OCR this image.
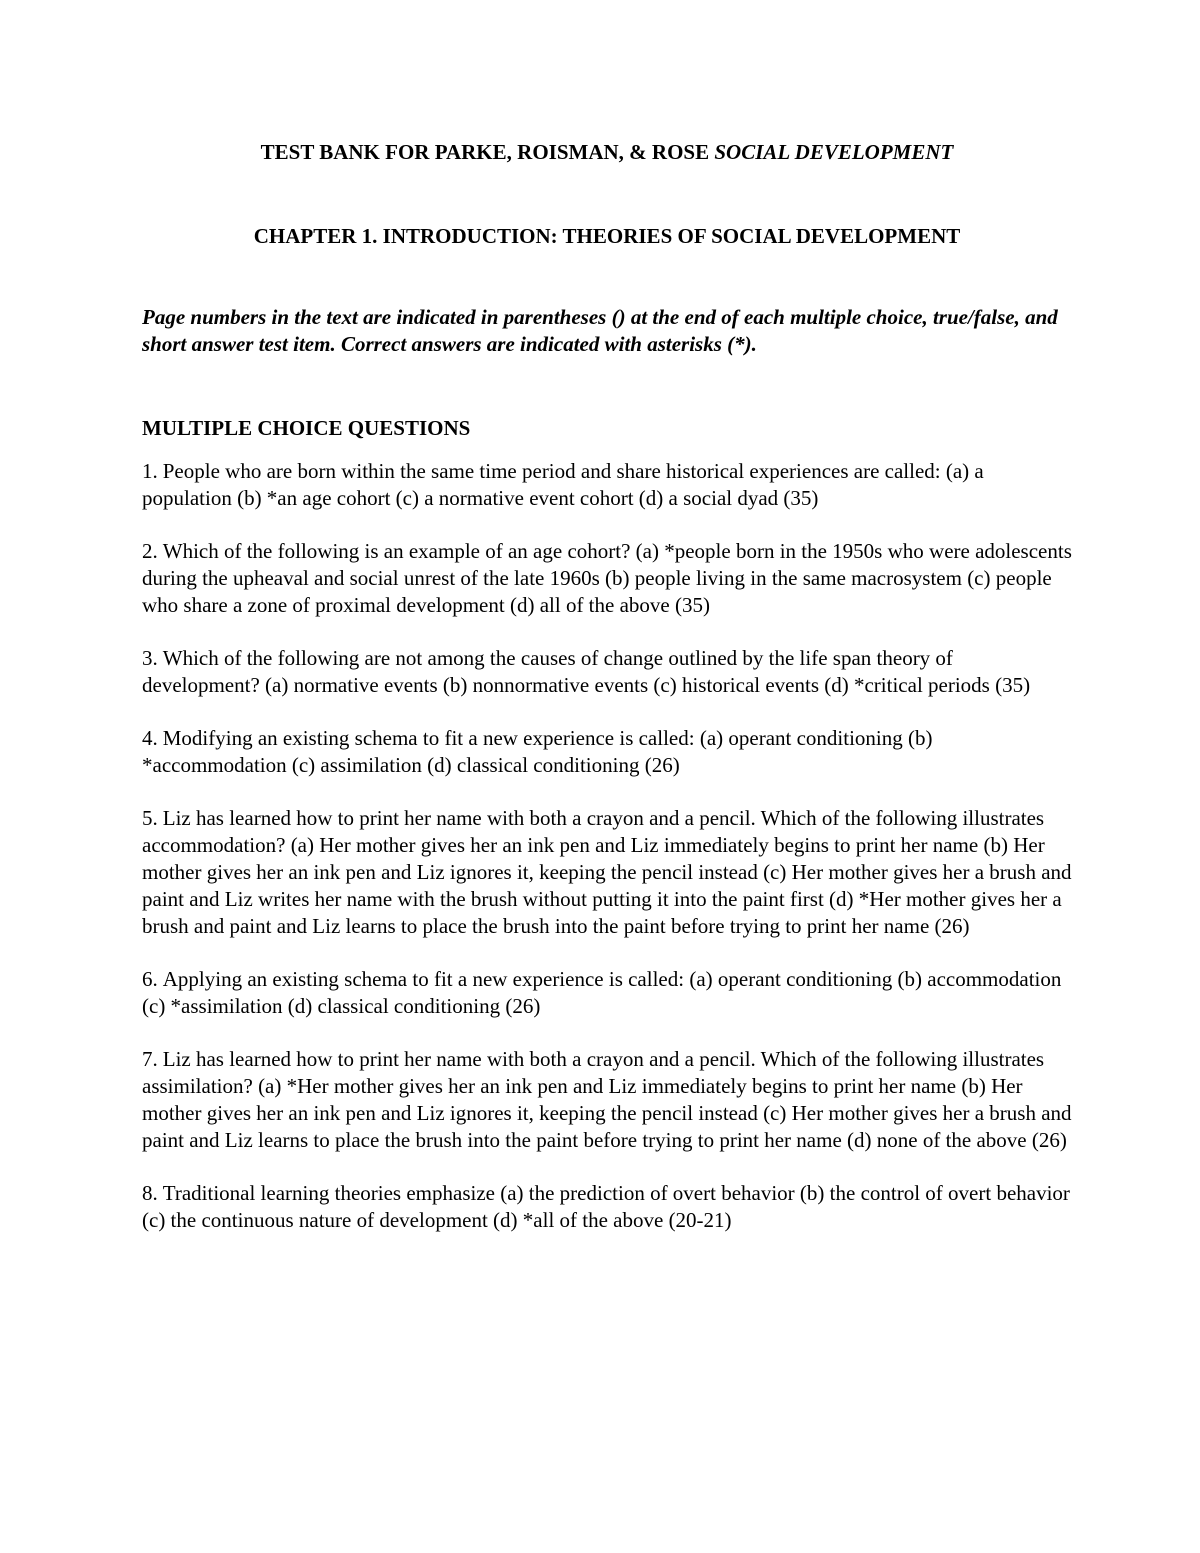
TEST BANK FOR PARKE, ROISMAN, & ROSE SOCIAL DEVELOPMENT
CHAPTER 1. INTRODUCTION: THEORIES OF SOCIAL DEVELOPMENT

Page numbers in the text are indicated in parentheses () at the end of each multiple choice, true/false, and short answer test item. Correct answers are indicated with asterisks (*).

MULTIPLE CHOICE QUESTIONS
1. People who are born within the same time period and share historical experiences are called: (a) a population (b) *an age cohort (c) a normative event cohort (d) a social dyad (35)
2. Which of the following is an example of an age cohort? (a) *people born in the 1950s who were adolescents during the upheaval and social unrest of the late 1960s (b) people living in the same macrosystem (c) people who share a zone of proximal development (d) all of the above (35)
3. Which of the following are not among the causes of change outlined by the life span theory of development? (a) normative events (b) nonnormative events (c) historical events (d) *critical periods (35)
4. Modifying an existing schema to fit a new experience is called: (a) operant conditioning (b) *accommodation (c) assimilation (d) classical conditioning (26)
5. Liz has learned how to print her name with both a crayon and a pencil. Which of the following illustrates accommodation? (a) Her mother gives her an ink pen and Liz immediately begins to print her name (b) Her mother gives her an ink pen and Liz ignores it, keeping the pencil instead (c) Her mother gives her a brush and paint and Liz writes her name with the brush without putting it into the paint first (d) *Her mother gives her a brush and paint and Liz learns to place the brush into the paint before trying to print her name (26)
6. Applying an existing schema to fit a new experience is called: (a) operant conditioning (b) accommodation (c) *assimilation (d) classical conditioning (26)
7. Liz has learned how to print her name with both a crayon and a pencil. Which of the following illustrates assimilation? (a) *Her mother gives her an ink pen and Liz immediately begins to print her name (b) Her mother gives her an ink pen and Liz ignores it, keeping the pencil instead (c) Her mother gives her a brush and paint and Liz learns to place the brush into the paint before trying to print her name (d) none of the above (26)
8. Traditional learning theories emphasize (a) the prediction of overt behavior (b) the control of overt behavior (c) the continuous nature of development (d) *all of the above (20-21)
